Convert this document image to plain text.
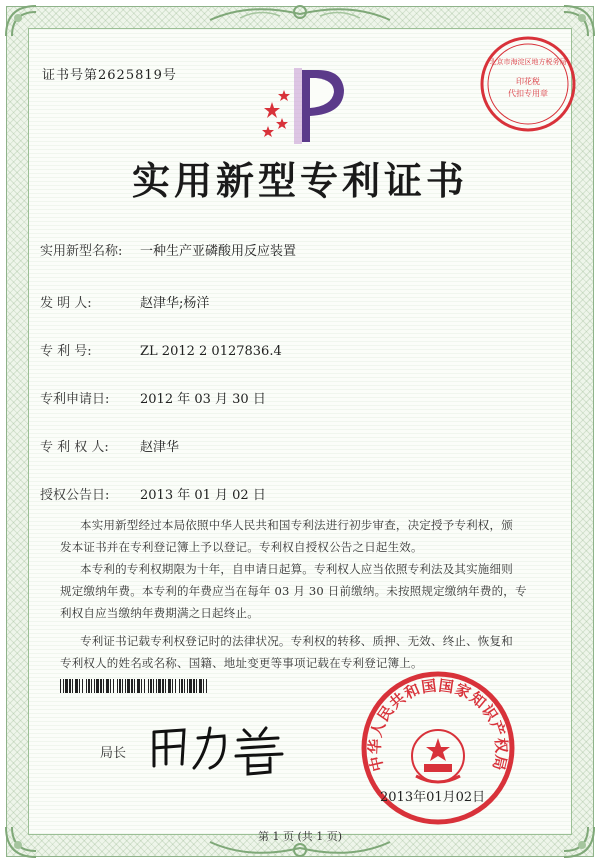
证书号第2625819号
北京市海淀区地方税务局
印花税
代扣专用章
实用新型专利证书
实用新型名称: 一种生产亚磷酸用反应装置
发 明 人:	赵津华;杨洋
专 利 号:	ZL 2012 2 0127836.4
专利申请日: 2012 年 03 月 30 日
专 利 权 人: 赵津华
授权公告日: 2013 年 01 月 02 日
本实用新型经过本局依照中华人民共和国专利法进行初步审查，决定授予专利权，颁
发本证书并在专利登记簿上予以登记。专利权自授权公告之日起生效。
本专利的专利权期限为十年，自申请日起算。专利权人应当依照专利法及其实施细则
规定缴纳年费。本专利的年费应当在每年 03 月 30 日前缴纳。未按照规定缴纳年费的，专
利权自应当缴纳年费期满之日起终止。
专利证书记载专利权登记时的法律状况。专利权的转移、质押、无效、终止、恢复和
专利权人的姓名或名称、国籍、地址变更等事项记载在专利登记簿上。
局长	中华人民共和国国家知识产权局
2013年01月02日
第 1 页 (共 1 页)
